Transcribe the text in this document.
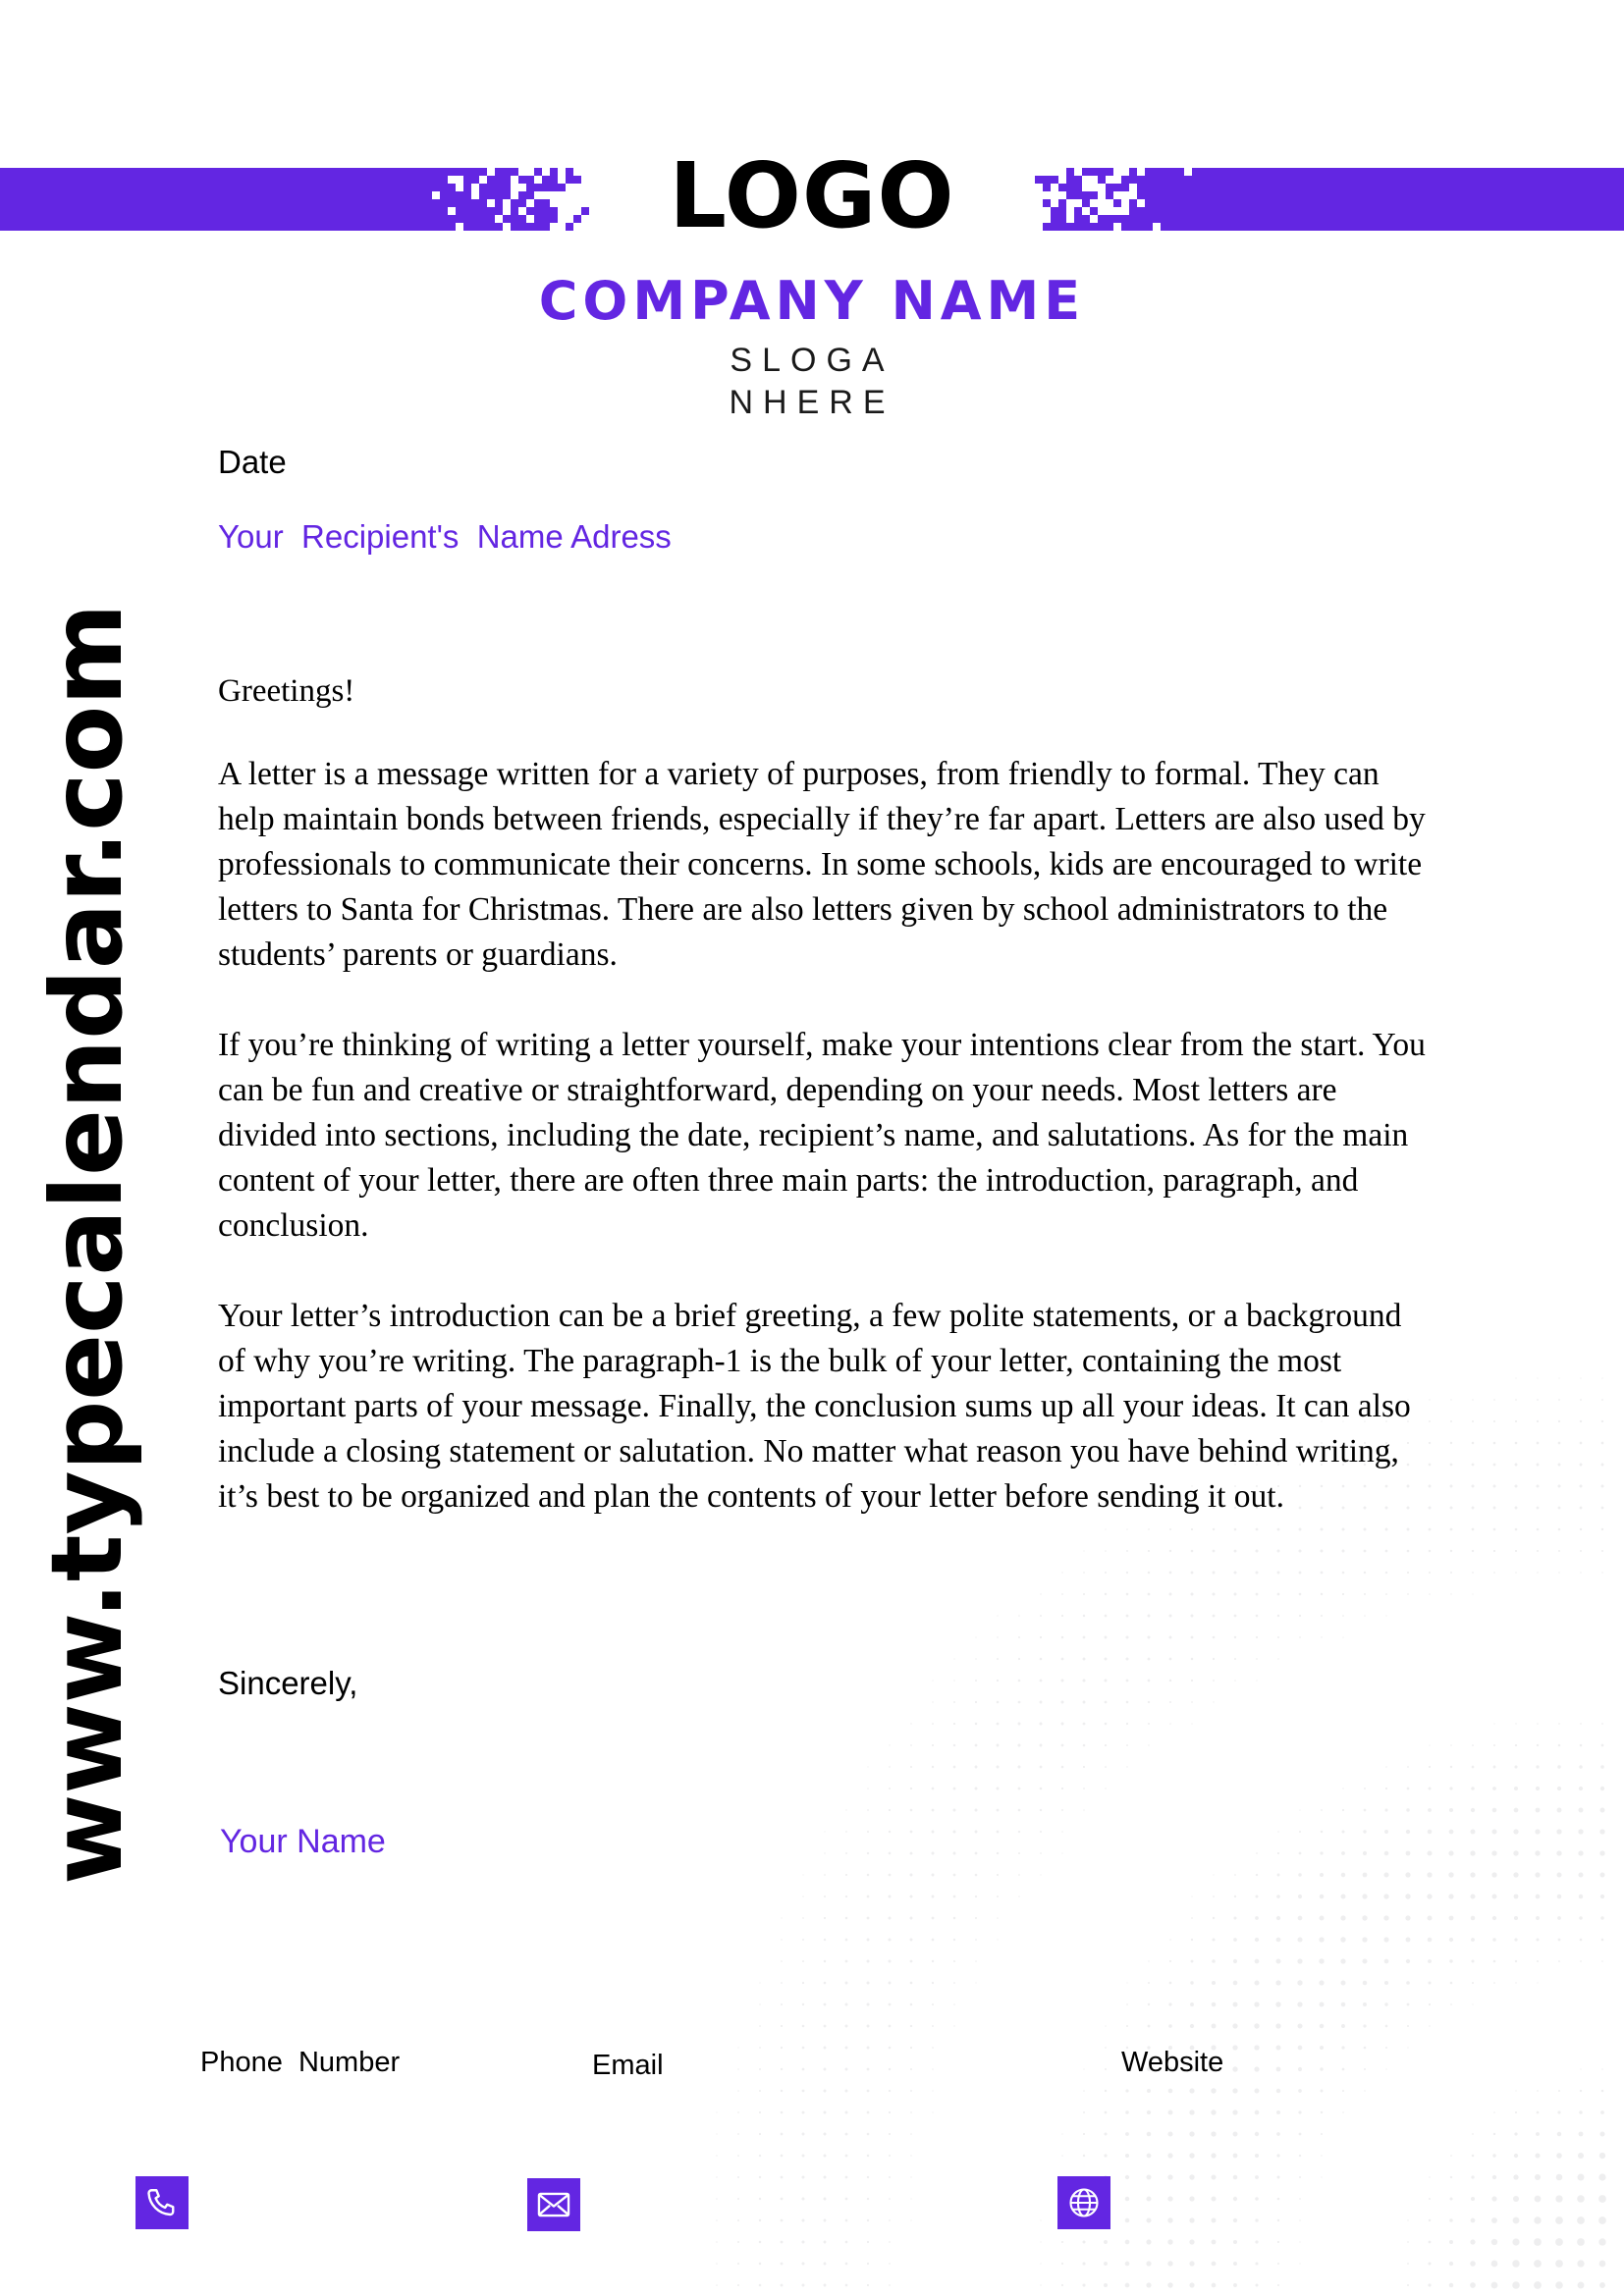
LOGO
COMPANY NAME
SLOGANHERE
Date
Your  Recipient's  Name Adress
Greetings!

A letter is a message written for a variety of purposes, from friendly to formal. They can help maintain bonds between friends, especially if they’re far apart. Letters are also used by professionals to communicate their concerns. In some schools, kids are encouraged to write letters to Santa for Christmas. There are also letters given by school administrators to the students’ parents or guardians.

If you’re thinking of writing a letter yourself, make your intentions clear from the start. You can be fun and creative or straightforward, depending on your needs. Most letters are divided into sections, including the date, recipient’s name, and salutations. As for the main content of your letter, there are often three main parts: the introduction, paragraph, and conclusion.

Your letter’s introduction can be a brief greeting, a few polite statements, or a background of why you’re writing. The paragraph-1 is the bulk of your letter, containing the most important parts of your message. Finally, the conclusion sums up all your ideas. It can also include a closing statement or salutation. No matter what reason you have behind writing, it’s best to be organized and plan the contents of your letter before sending it out.

Sincerely,
Your Name
www.typecalendar.com
Phone  Number	Email	Website
